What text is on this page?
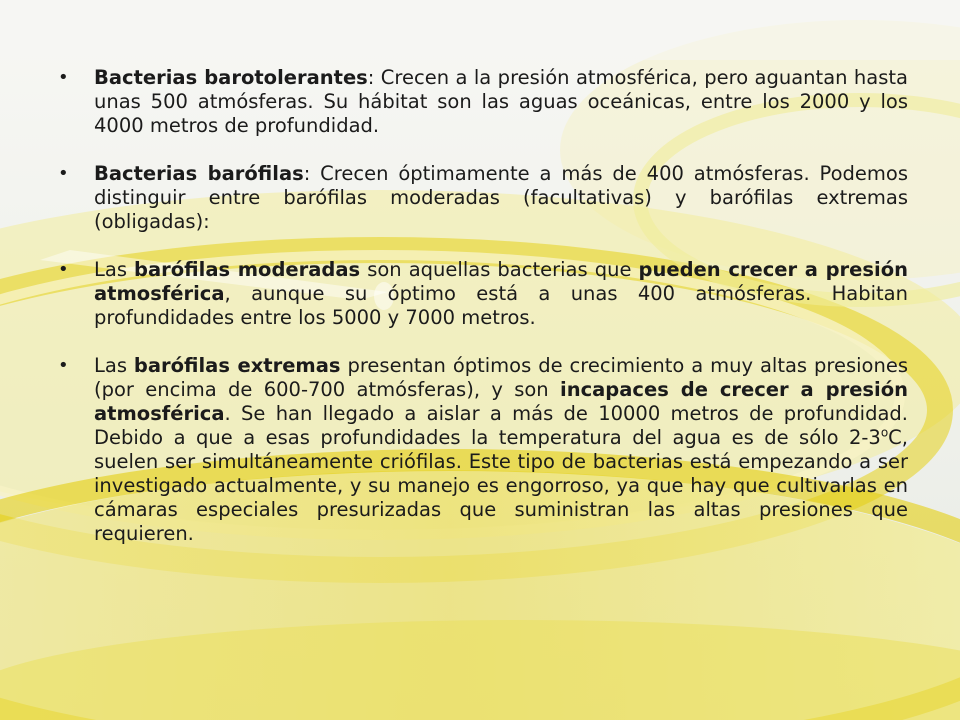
• Bacterias barotolerantes: Crecen a la presión atmosférica, pero aguantan hasta unas 500 atmósferas. Su hábitat son las aguas oceánicas, entre los 2000 y los 4000 metros de profundidad.
• Bacterias barófilas: Crecen óptimamente a más de 400 atmósferas. Podemos distinguir entre barófilas moderadas (facultativas) y barófilas extremas (obligadas):
• Las barófilas moderadas son aquellas bacterias que pueden crecer a presión atmosférica, aunque su óptimo está a unas 400 atmósferas. Habitan profundidades entre los 5000 y 7000 metros.
• Las barófilas extremas presentan óptimos de crecimiento a muy altas presiones (por encima de 600-700 atmósferas), y son incapaces de crecer a presión atmosférica. Se han llegado a aislar a más de 10000 metros de profundidad. Debido a que a esas profundidades la temperatura del agua es de sólo 2-3$^o$C, suelen ser simultáneamente criófilas. Este tipo de bacterias está empezando a ser investigado actualmente, y su manejo es engorroso, ya que hay que cultivarlas en cámaras especiales presurizadas que suministran las altas presiones que requieren.
